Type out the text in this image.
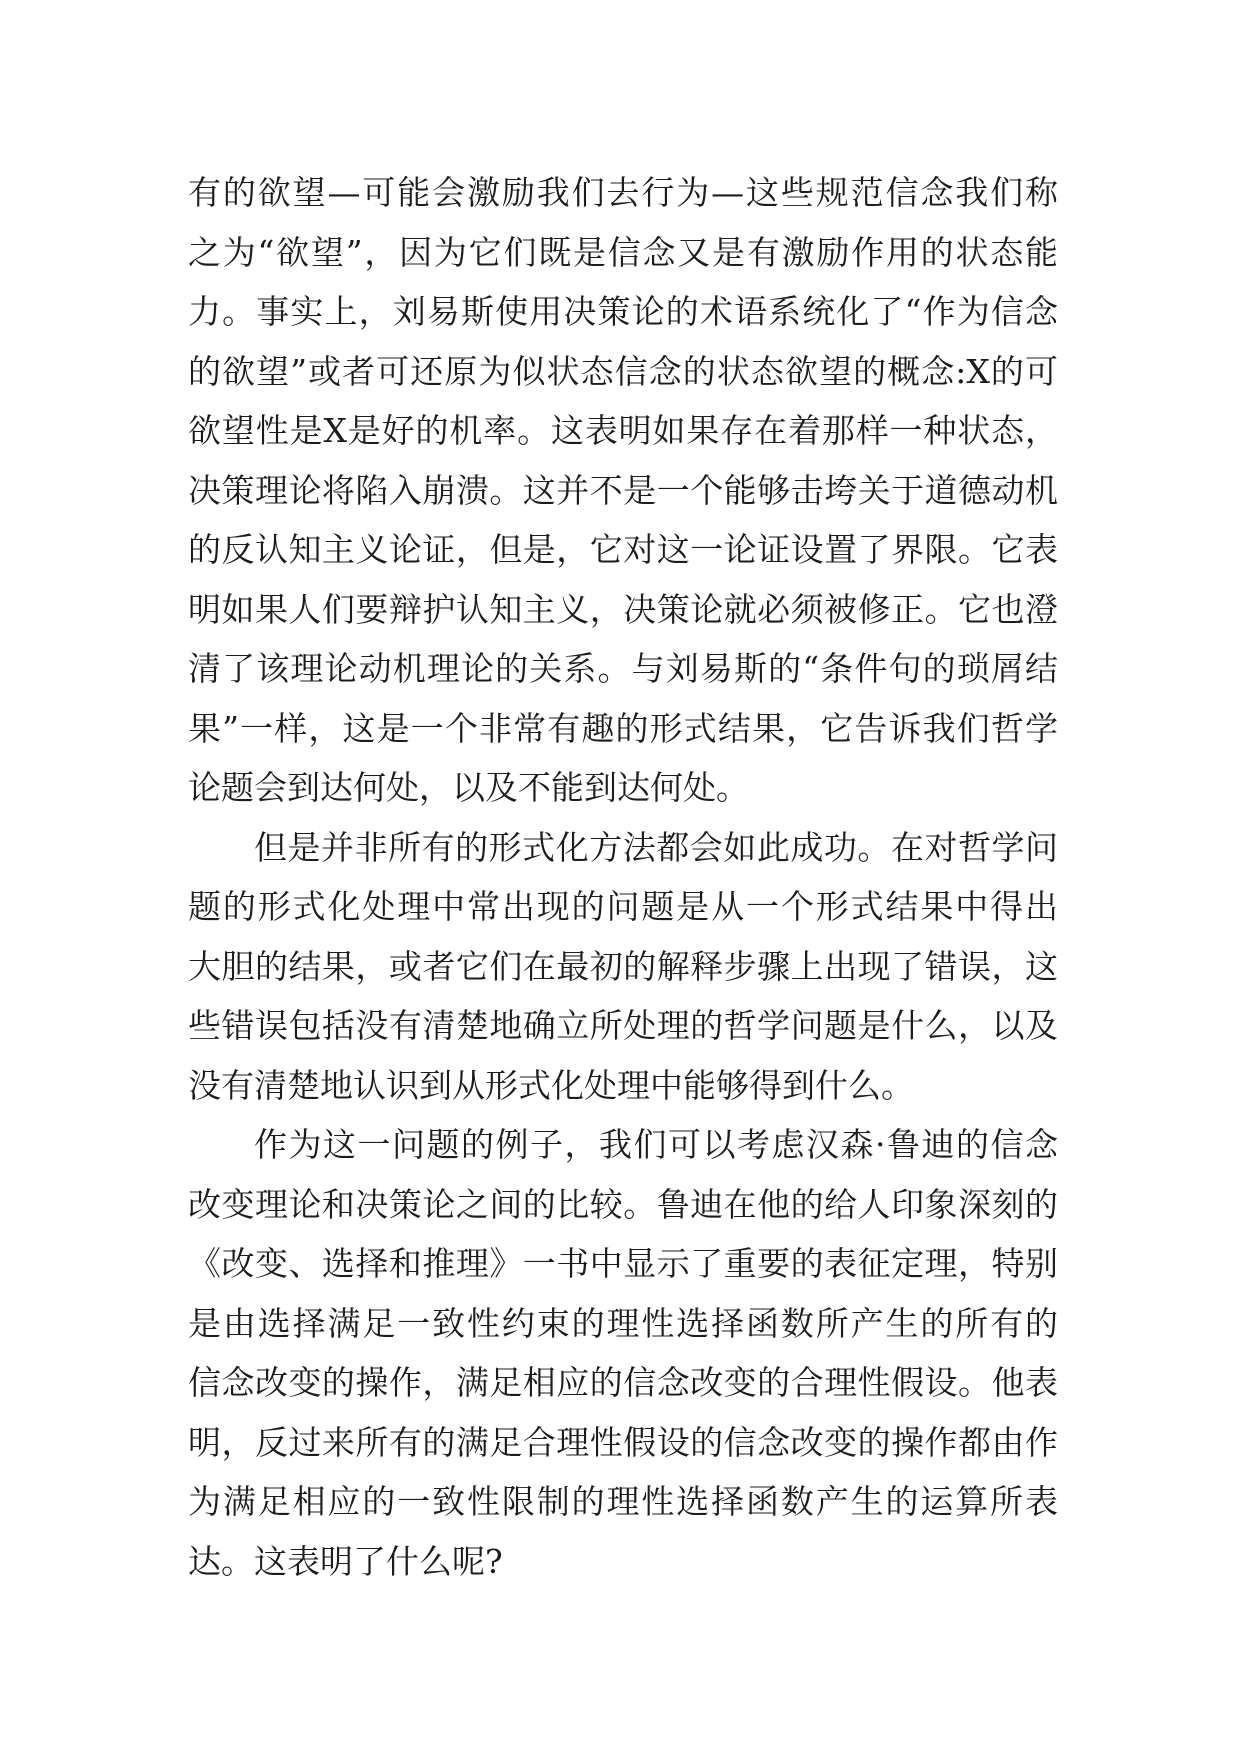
有的欲望—可能会激励我们去行为—这些规范信念我们称
之为“欲望”，因为它们既是信念又是有激励作用的状态能
力。事实上，刘易斯使用决策论的术语系统化了“作为信念
的欲望”或者可还原为似状态信念的状态欲望的概念:X的可
欲望性是X是好的机率。这表明如果存在着那样一种状态，
决策理论将陷入崩溃。这并不是一个能够击垮关于道德动机
的反认知主义论证，但是，它对这一论证设置了界限。它表
明如果人们要辩护认知主义，决策论就必须被修正。它也澄
清了该理论动机理论的关系。与刘易斯的“条件句的琐屑结
果”一样，这是一个非常有趣的形式结果，它告诉我们哲学
论题会到达何处，以及不能到达何处。
但是并非所有的形式化方法都会如此成功。在对哲学问
题的形式化处理中常出现的问题是从一个形式结果中得出
大胆的结果，或者它们在最初的解释步骤上出现了错误，这
些错误包括没有清楚地确立所处理的哲学问题是什么，以及
没有清楚地认识到从形式化处理中能够得到什么。
作为这一问题的例子，我们可以考虑汉森·鲁迪的信念
改变理论和决策论之间的比较。鲁迪在他的给人印象深刻的
《改变、选择和推理》一书中显示了重要的表征定理，特别
是由选择满足一致性约束的理性选择函数所产生的所有的
信念改变的操作，满足相应的信念改变的合理性假设。他表
明，反过来所有的满足合理性假设的信念改变的操作都由作
为满足相应的一致性限制的理性选择函数产生的运算所表
达。这表明了什么呢?
